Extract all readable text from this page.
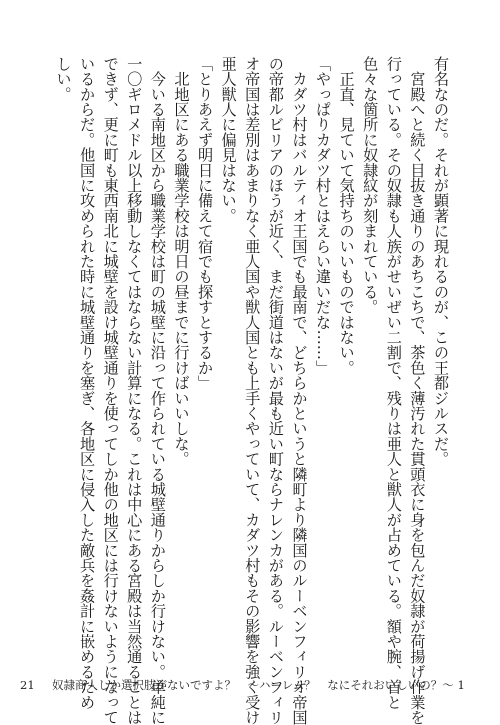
有名なのだ。それが顕著に現れるのが、この王都ジルスだ。

　宮殿へと続く目抜き通りのあちこちで、茶色く薄汚れた貫頭衣に身を包んだ奴隷が荷揚げ作業を

行っている。その奴隷も人族がせいぜい二割で、残りは亜人と獣人が占めている。額や腕、首と

色々な箇所に奴隷紋が刻まれている。

　正直、見ていて気持ちのいいものではない。

「やっぱりカダツ村とはえらい違いだな……」

　カダツ村はバルティオ王国でも最南で、どちらかというと隣町より隣国のルーベンフィリオ帝国

の帝都ルビリアのほうが近く、まだ街道はないが最も近い町ならナレンカがある。ルーベンフィリ

オ帝国は差別はあまりなく亜人国や獣人国とも上手くやっていて、カダツ村もその影響を強く受け

亜人獣人に偏見はない。

「とりあえず明日に備えて宿でも探すとするか」

　北地区にある職業学校は明日の昼までに行けばいいしな。

　今いる南地区から職業学校は町の城壁に沿って作られている城壁通りからしか行けない。単純に

一〇ギロメドル以上移動しなくてはならない計算になる。これは中心にある宮殿は当然通ることは

できず、更に町も東西南北に城壁を設け城壁通りを使ってしか他の地区には行けないようになって

いるからだ。他国に攻められた時に城壁通りを塞ぎ、各地区に侵入した敵兵を姦計に嵌めるため

しい。

21 奴隷商人しか選択肢がないですよ？　～ハーレム？　なにそれおいしいの？～ 1
